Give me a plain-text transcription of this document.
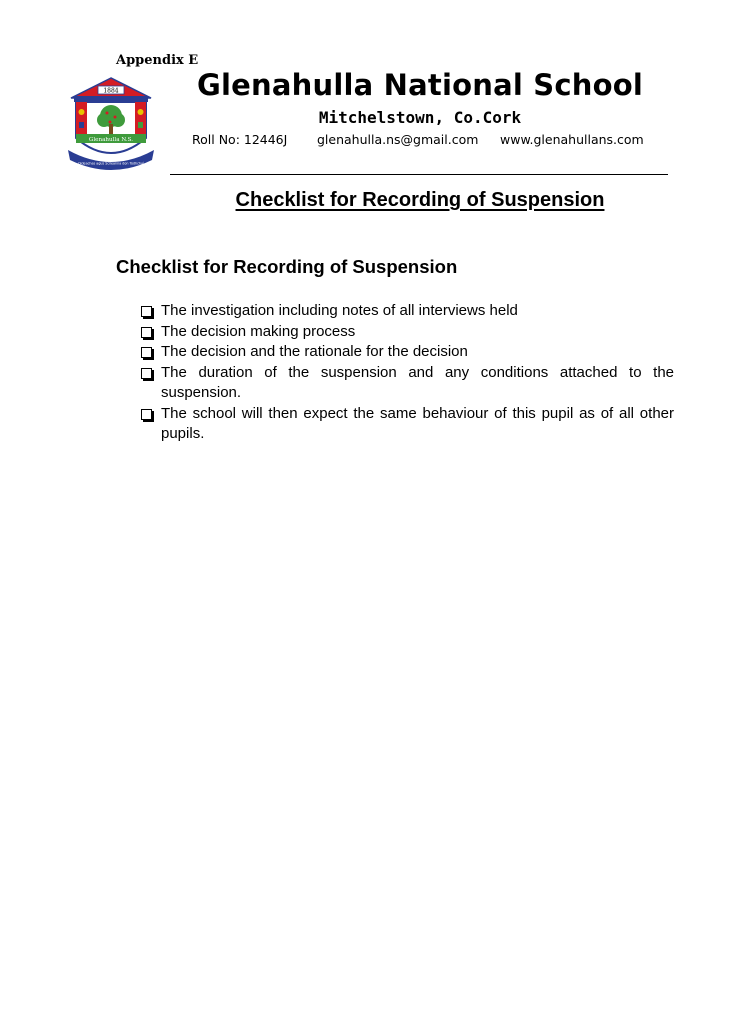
Appendix E
1884
Glenahulla N.S.
Oideachas agus Scileanna don Todhchaí
Glenahulla National School
Mitchelstown, Co.Cork
Roll No: 12446J glenahulla.ns@gmail.com www.glenahullans.com
Checklist for Recording of Suspension
Checklist for Recording of Suspension
The investigation including notes of all interviews held
The decision making process
The decision and the rationale for the decision
The duration of the suspension and any conditions attached to the suspension.
The school will then expect the same behaviour of this pupil as of all other pupils.
